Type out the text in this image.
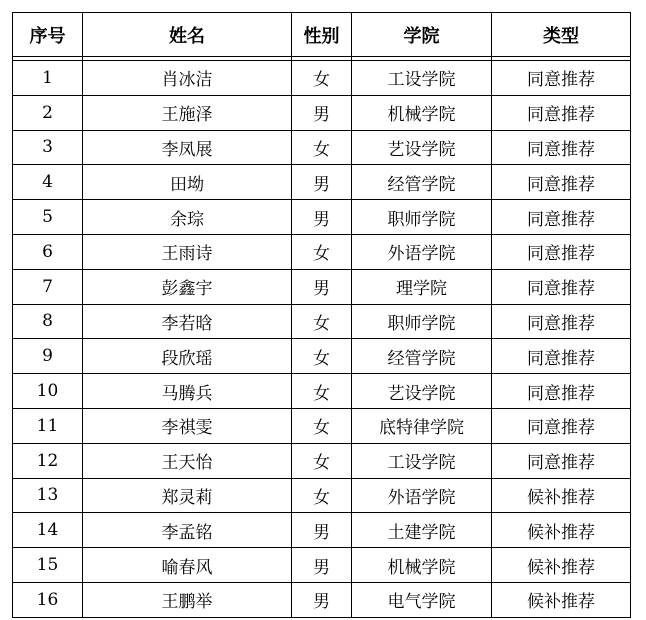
序号	姓名	性别	学院	类型

1	肖冰洁	女	工设学院	同意推荐
2	王施泽	男	机械学院	同意推荐
3	李凤展	女	艺设学院	同意推荐
4	田坳	男	经管学院	同意推荐
5	余琮	男	职师学院	同意推荐
6	王雨诗	女	外语学院	同意推荐
7	彭鑫宇	男	理学院	同意推荐
8	李若晗	女	职师学院	同意推荐
9	段欣瑶	女	经管学院	同意推荐
10	马腾兵	女	艺设学院	同意推荐
11	李祺雯	女	底特律学院	同意推荐
12	王天怡	女	工设学院	同意推荐
13	郑灵莉	女	外语学院	候补推荐
14	李孟铭	男	土建学院	候补推荐
15	喻春风	男	机械学院	候补推荐
16	王鹏举	男	电气学院	候补推荐
